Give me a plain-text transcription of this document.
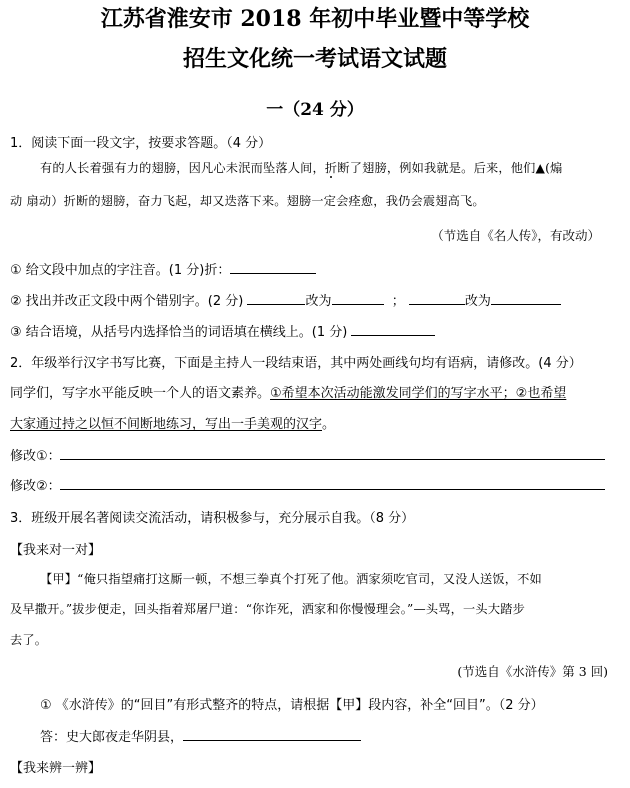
江苏省淮安市 2018 年初中毕业暨中等学校
招生文化统一考试语文试题
一（24 分）
1．阅读下面一段文字，按要求答题。（4 分）
有的人长着强有力的翅膀，因凡心未泯而坠落人间，折断了翅膀，例如我就是。后来，他们▲(煽
动 扇动）折断的翅膀，奋力飞起，却又迭落下来。翅膀一定会痊愈，我仍会震翅高飞。
（节选自《名人传》，有改动）
① 给文段中加点的字注音。(1 分)折：
② 找出并改正文段中两个错别字。(2 分)	改为	；	改为
③ 结合语境，从括号内选择恰当的词语填在横线上。(1 分)
2．年级举行汉字书写比赛，下面是主持人一段结束语，其中两处画线句均有语病，请修改。(4 分）
同学们，写字水平能反映一个人的语文素养。①希望本次活动能激发同学们的写字水平；②也希望
大家通过持之以恒不间断地练习，写出一手美观的汉字。
修改①：
修改②：
3．班级开展名著阅读交流活动，请积极参与，充分展示自我。（8 分）
【我来对一对】
【甲】“俺只指望痛打这厮一顿，不想三拳真个打死了他。洒家须吃官司，又没人送饭，不如
及早撒开。”拔步便走，回头指着郑屠尸道：“你诈死，洒家和你慢慢理会。”—头骂，一头大踏步
去了。
(节选自《水浒传》第 3 回)
① 《水浒传》的“回目”有形式整齐的特点，请根据【甲】段内容，补全“回目”。（2 分）
答：史大郎夜走华阴县，
【我来辨一辨】
